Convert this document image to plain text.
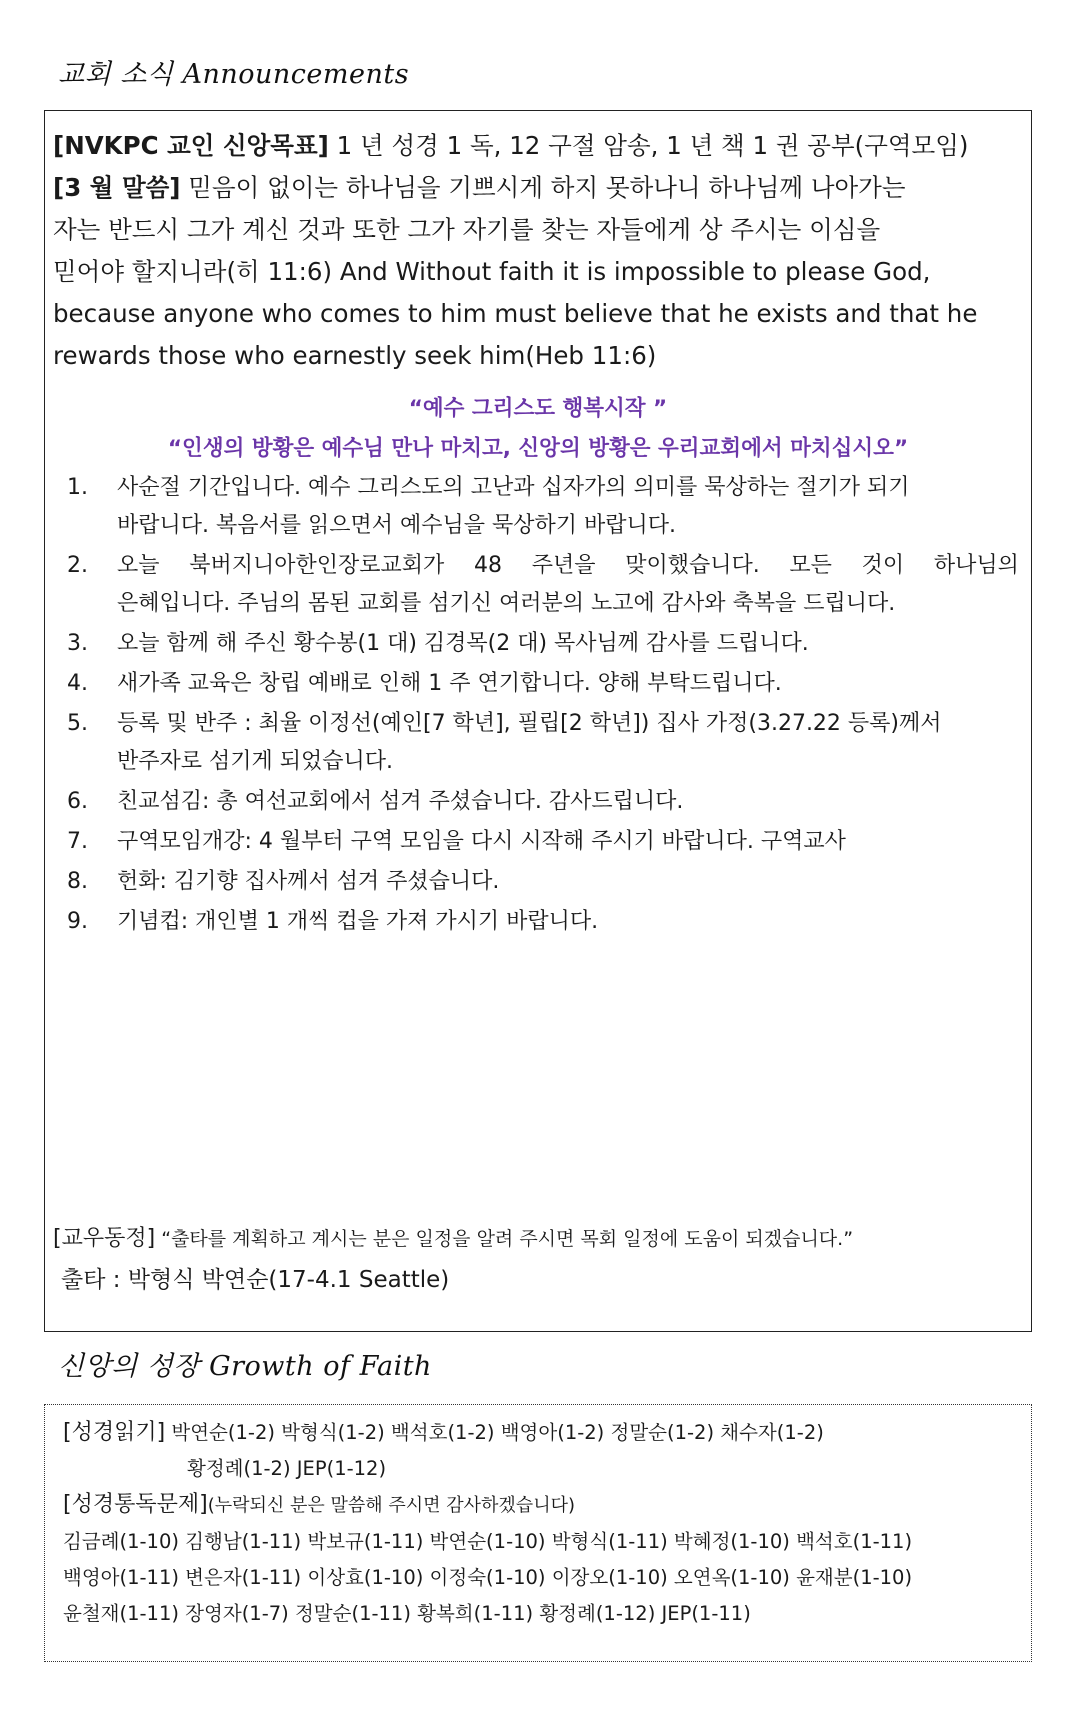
교회 소식 Announcements
[NVKPC 교인 신앙목표] 1 년 성경 1 독, 12 구절 암송, 1 년 책 1 권 공부(구역모임)
[3 월 말씀] 믿음이 없이는 하나님을 기쁘시게 하지 못하나니 하나님께 나아가는
자는 반드시 그가 계신 것과 또한 그가 자기를 찾는 자들에게 상 주시는 이심을
믿어야 할지니라(히 11:6) And Without faith it is impossible to please God,
because anyone who comes to him must believe that he exists and that he
rewards those who earnestly seek him(Heb 11:6)
“예수 그리스도 행복시작 ”
“인생의 방황은 예수님 만나 마치고, 신앙의 방황은 우리교회에서 마치십시오”
1. 사순절 기간입니다. 예수 그리스도의 고난과 십자가의 의미를 묵상하는 절기가 되기
바랍니다. 복음서를 읽으면서 예수님을 묵상하기 바랍니다.
2. 오늘 북버지니아한인장로교회가 48 주년을 맞이했습니다. 모든 것이 하나님의
은혜입니다. 주님의 몸된 교회를 섬기신 여러분의 노고에 감사와 축복을 드립니다.
3. 오늘 함께 해 주신 황수봉(1 대) 김경목(2 대) 목사님께 감사를 드립니다.
4. 새가족 교육은 창립 예배로 인해 1 주 연기합니다. 양해 부탁드립니다.
5. 등록 및 반주 : 최율 이정선(예인[7 학년], 필립[2 학년]) 집사 가정(3.27.22 등록)께서
반주자로 섬기게 되었습니다.
6. 친교섬김: 총 여선교회에서 섬겨 주셨습니다. 감사드립니다.
7. 구역모임개강: 4 월부터 구역 모임을 다시 시작해 주시기 바랍니다. 구역교사
8. 헌화: 김기향 집사께서 섬겨 주셨습니다.
9. 기념컵: 개인별 1 개씩 컵을 가져 가시기 바랍니다.
[교우동정] “출타를 계획하고 계시는 분은 일정을 알려 주시면 목회 일정에 도움이 되겠습니다.”
출타 : 박형식 박연순(17-4.1 Seattle)
신앙의 성장 Growth of Faith
[성경읽기] 박연순(1-2) 박형식(1-2) 백석호(1-2) 백영아(1-2) 정말순(1-2) 채수자(1-2)
황정례(1-2) JEP(1-12)
[성경통독문제](누락되신 분은 말씀해 주시면 감사하겠습니다)
김금례(1-10) 김행남(1-11) 박보규(1-11) 박연순(1-10) 박형식(1-11) 박혜정(1-10) 백석호(1-11)
백영아(1-11) 변은자(1-11) 이상효(1-10) 이정숙(1-10) 이장오(1-10) 오연옥(1-10) 윤재분(1-10)
윤철재(1-11) 장영자(1-7) 정말순(1-11) 황복희(1-11) 황정례(1-12) JEP(1-11)
